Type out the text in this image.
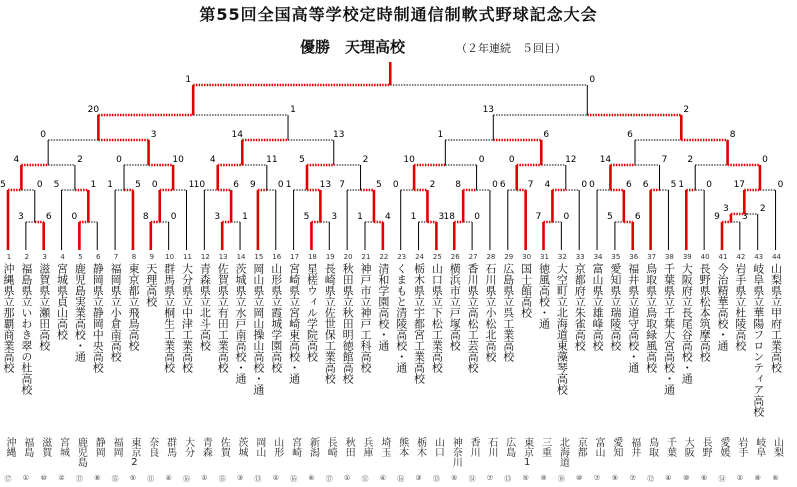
第55回全国高等学校定時制通信制軟式野球記念大会
優勝　天理高校	（２年連続　５回目）
3 6
5	0
0
5	1
4	2
1 5
8 0
0	1
0	10
0	3
3 1
10	6 9 0
4	11
5 3
1	13
1 4
7	5
5	2
14	13
20	1
1 3
0	2
18 0
8	0
10	0
6 7
7 0
4	0
0	12
1	6
5 6
0	6 6 5
14	7
1 0
9 3
3	2
17	0
2	0
6	8
13	2
1	0
1
沖縄県立那覇商業高校
沖縄
⑰
2
福島県立いわき翠の杜高校
福島
①
3
滋賀県立瀬田高校
滋賀
⑩
4
宮城県貞山高校
宮城
②
5
鹿児島実業高校・通
鹿児島
⑰
6
静岡県立静岡中央高校
静岡
⑧
7
福岡県立小倉南高校
福岡
⑮
8
東京都立飛鳥高校
東京2
⑤
9
天理高校
奈良
⑪
10
群馬県立桐生工業高校
群馬
④
11
大分県立中津工業高校
大分
⑯
12
青森県立北斗高校
青森
①
13
佐賀県立有田工業高校
佐賀
⑮
14
茨城県立水戸南高校・通
茨城
③
15
岡山県立岡山操山高校・通
岡山
⑬
16
山形県立霞城学園高校
山形
②
17
宮崎県立宮崎東高校・通
宮崎
⑯
18
星槎ウィル学院高校
新潟
⑥
19
長崎県立佐世保工業高校
長崎
⑰
20
秋田県立秋田明徳館高校
秋田
①
21
神戸市立神戸工科高校
兵庫
⑪
22
清和学園高校・通
埼玉
④
23
くまもと清陵高校・通
熊本
⑯
24
栃木県立宇都宮工業高校
栃木
③
25
山口県立下松工業高校
山口
⑬
26
横浜市立戸塚高校
神奈川
⑤
27
香川県立高松工芸高校
香川
⑭
28
石川県立小松北高校
石川
⑦
29
広島県立呉工業高校
広島
⑬
30
国士館高校
東京1
⑤
31
徳風高校・通
三重
⑨
32
大空町立北海道東藻琴高校
北海道
⑱
33
京都府立朱雀高校
京都
⑩
34
富山県立雄峰高校
富山
⑦
35
愛知県立瑞陵高校
愛知
⑨
36
福井県立道守高校・通
福井
⑦
37
鳥取県立鳥取緑風高校
鳥取
⑫
38
千葉県立千葉大宮高校・通
千葉
④
39
大阪府立長尾谷高校・通
大阪
⑩
40
長野県松本筑摩高校
長野
⑥
41
今治精華高校・通
愛媛
⑭
42
岩手県立杜陵高校
岩手
②
43
岐阜県立華陽フロンティア高校
岐阜
⑧
44
山梨県立甲府工業高校
山梨
⑥
